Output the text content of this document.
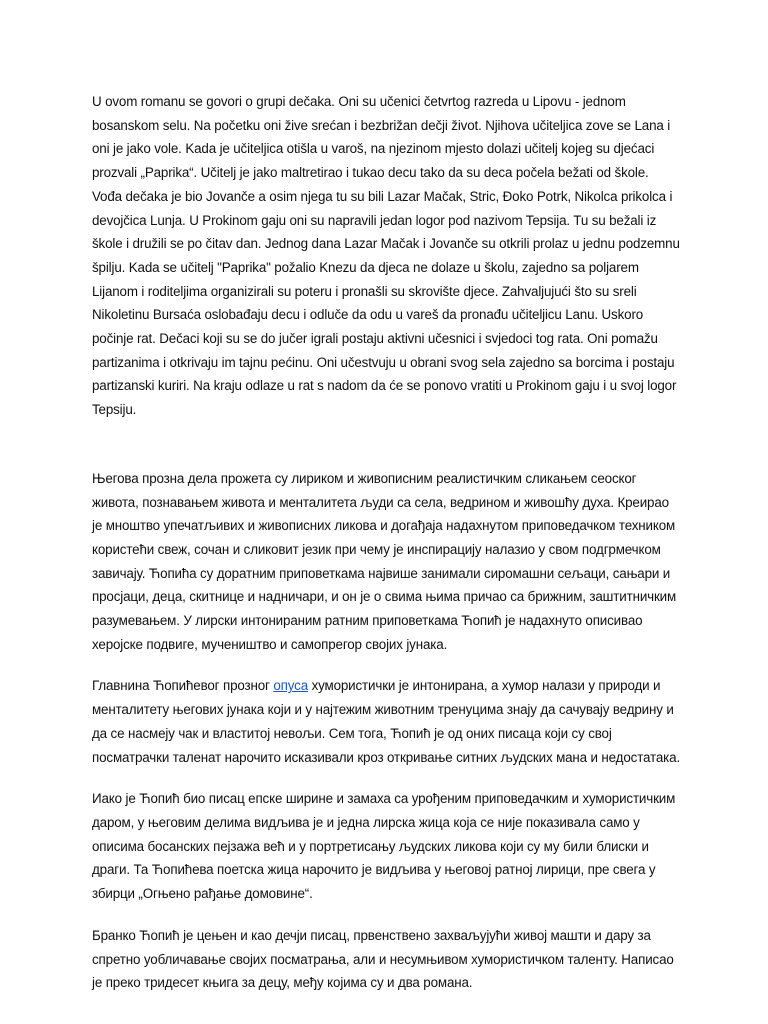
U ovom romanu se govori o grupi dečaka. Oni su učenici četvrtog razreda u Lipovu - jednom bosanskom selu. Na početku oni žive srećan i bezbrižan dečji život. Njihova učiteljica zove se Lana i oni je jako vole. Kada je učiteljica otišla u varoš, na njezinom mjesto dolazi učitelj kojeg su djećaci prozvali „Paprika“. Učitelj je jako maltretirao i tukao decu tako da su deca počela bežati od škole. Vođa dečaka je bio Jovanče a osim njega tu su bili Lazar Mačak, Stric, Đoko Potrk, Nikolca prikolca i devojčica Lunja. U Prokinom gaju oni su napravili jedan logor pod nazivom Tepsija. Tu su bežali iz škole i družili se po čitav dan. Jednog dana Lazar Mačak i Jovanče su otkrili prolaz u jednu podzemnu špilju. Kada se učitelj "Paprika" požalio Knezu da djeca ne dolaze u školu, zajedno sa poljarem Lijanom i roditeljima organizirali su poteru i pronašli su skrovište djece. Zahvaljujući što su sreli Nikoletinu Bursaća oslobađaju decu i odluče da odu u vareš da pronađu učiteljicu Lanu. Uskoro počinje rat. Dečaci koji su se do jučer igrali postaju aktivni učesnici i svjedoci tog rata. Oni pomažu partizanima i otkrivaju im tajnu pećinu. Oni učestvuju u obrani svog sela zajedno sa borcima i postaju partizanski kuriri. Na kraju odlaze u rat s nadom da će se ponovo vratiti u Prokinom gaju i u svoj logor Tepsiju.

Његова прозна дела прожета су лириком и живописним реалистичким сликањем сеоског живота, познавањем живота и менталитета људи са села, ведрином и живошћу духа. Креирао је мноштво упечатљивих и живописних ликова и догађаја надахнутом приповедачком техником користећи свеж, сочан и сликовит језик при чему је инспирацију налазио у свом подгрмечком завичају. Ћопића су доратним приповеткама највише занимали сиромашни сељаци, сањари и просјаци, деца, скитнице и надничари, и он је о свима њима причао са брижним, заштитничким разумевањем. У лирски интонираним ратним приповеткама Ћопић је надахнуто описивао херојске подвиге, мучеништво и самопрегор својих јунака.

Главнина Ћопићевог прозног опуса хумористички је интонирана, а хумор налази у природи и менталитету његових јунака који и у најтежим животним тренуцима знају да сачувају ведрину и да се насмеју чак и властитој невољи. Сем тога, Ћопић је од оних писаца који су свој посматрачки таленат нарочито исказивали кроз откривање ситних људских мана и недостатака.

Иако је Ћопић био писац епске ширине и замаха са урођеним приповедачким и хумористичким даром, у његовим делима видљива је и једна лирска жица која се није показивала само у описима босанских пејзажа већ и у портретисању људских ликова који су му били блиски и драги. Та Ћопићева поетска жица нарочито је видљива у његовој ратној лирици, пре свега у збирци „Огњено рађање домовине“.

Бранко Ћопић је цењен и као дечји писац, првенствено захваљујући живој машти и дару за спретно уобличавање својих посматрања, али и несумњивом хумористичком таленту. Написао је преко тридесет књига за децу, међу којима су и два романа.
